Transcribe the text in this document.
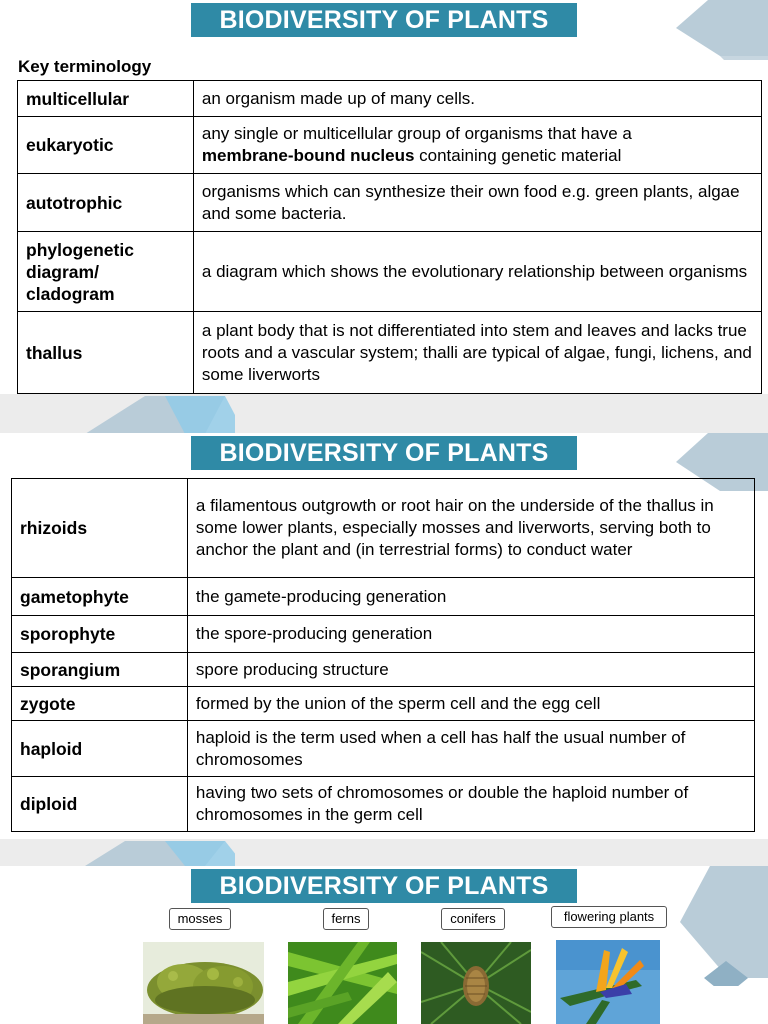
BIODIVERSITY OF PLANTS
Key terminology
multicellular	an organism made up of many cells.
eukaryotic	any single or multicellular group of organisms that have a
membrane-bound nucleus containing genetic material
autotrophic	organisms which can synthesize their own food e.g. green plants, algae and some bacteria.
phylogenetic diagram/ cladogram	a diagram which shows the evolutionary relationship between organisms
thallus	a plant body that is not differentiated into stem and leaves and lacks true roots and a vascular system; thalli are typical of algae, fungi, lichens, and some liverworts
BIODIVERSITY OF PLANTS
rhizoids	a filamentous outgrowth or root hair on the underside of the thallus in some lower plants, especially mosses and liverworts, serving both to anchor the plant and (in terrestrial forms) to conduct water
gametophyte	the gamete-producing generation
sporophyte	the spore-producing generation
sporangium	spore producing structure
zygote	formed by the union of the sperm cell and the egg cell
haploid	haploid is the term used when a cell has half the usual number of chromosomes
diploid	having two sets of chromosomes or double the haploid number of chromosomes in the germ cell
BIODIVERSITY OF PLANTS
mosses	ferns	conifers	flowering plants
